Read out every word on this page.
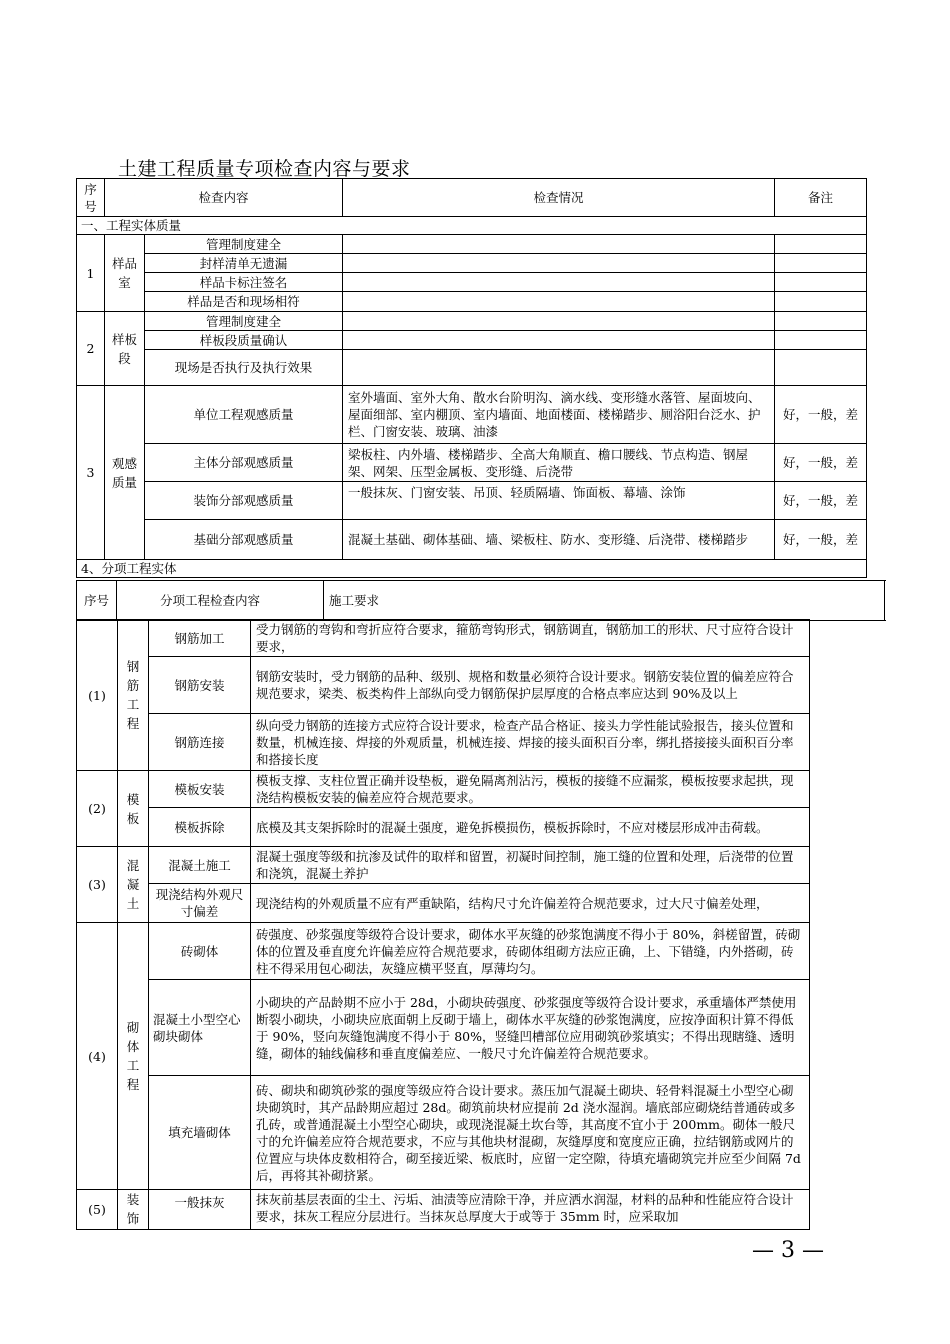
土建工程质量专项检查内容与要求
序号	检查内容		检查情况	备注
一、工程实体质量				
1	样品室	管理制度建全		
		封样清单无遗漏		
		样品卡标注签名		
		样品是否和现场相符		
2	样板段	管理制度建全		
		样板段质量确认		
		现场是否执行及执行效果		
3	观感质量	单位工程观感质量	室外墙面、室外大角、散水台阶明沟、滴水线、变形缝水落管、屋面坡向、屋面细部、室内棚顶、室内墙面、地面楼面、楼梯踏步、厕浴阳台泛水、护栏、门窗安装、玻璃、油漆	好，一般，差
		主体分部观感质量	梁板柱、内外墙、楼梯踏步、全高大角顺直、檐口腰线、节点构造、钢屋架、网架、压型金属板、变形缝、后浇带	好，一般，差
		装饰分部观感质量	一般抹灰、门窗安装、吊顶、轻质隔墙、饰面板、幕墙、涂饰	好，一般，差
		基础分部观感质量	混凝土基础、砌体基础、墙、梁板柱、防水、变形缝、后浇带、楼梯踏步	好，一般，差
4、分项工程实体				
序号	分项工程检查内容	施工要求
(1)	钢筋工程	钢筋加工	受力钢筋的弯钩和弯折应符合要求，箍筋弯钩形式，钢筋调直，钢筋加工的形状、尺寸应符合设计要求，
		钢筋安装	钢筋安装时，受力钢筋的品种、级别、规格和数量必须符合设计要求。钢筋安装位置的偏差应符合规范要求，梁类、板类构件上部纵向受力钢筋保护层厚度的合格点率应达到 90%及以上
		钢筋连接	纵向受力钢筋的连接方式应符合设计要求，检查产品合格证、接头力学性能试验报告，接头位置和数量，机械连接、焊接的外观质量，机械连接、焊接的接头面积百分率，绑扎搭接接头面积百分率和搭接长度
(2)	模板	模板安装	模板支撑、支柱位置正确并设垫板，避免隔离剂沾污，模板的接缝不应漏浆，模板按要求起拱，现浇结构模板安装的偏差应符合规范要求。
		模板拆除	底模及其支架拆除时的混凝土强度，避免拆模损伤，模板拆除时，不应对楼层形成冲击荷载。
(3)	混凝土	混凝土施工	混凝土强度等级和抗渗及试件的取样和留置，初凝时间控制，施工缝的位置和处理，后浇带的位置和浇筑，混凝土养护
		现浇结构外观尺寸偏差	现浇结构的外观质量不应有严重缺陷，结构尺寸允许偏差符合规范要求，过大尺寸偏差处理，
(4)	砌体工程	砖砌体	砖强度、砂浆强度等级符合设计要求，砌体水平灰缝的砂浆饱满度不得小于 80%，斜槎留置，砖砌体的位置及垂直度允许偏差应符合规范要求，砖砌体组砌方法应正确，上、下错缝，内外搭砌，砖柱不得采用包心砌法，灰缝应横平竖直，厚薄均匀。
		混凝土小型空心砌块砌体	小砌块的产品龄期不应小于 28d，小砌块砖强度、砂浆强度等级符合设计要求，承重墙体严禁使用断裂小砌块，小砌块应底面朝上反砌于墙上，砌体水平灰缝的砂浆饱满度，应按净面积计算不得低于 90%，竖向灰缝饱满度不得小于 80%，竖缝凹槽部位应用砌筑砂浆填实；不得出现瞎缝、透明缝，砌体的轴线偏移和垂直度偏差应、一般尺寸允许偏差符合规范要求。
		填充墙砌体	砖、砌块和砌筑砂浆的强度等级应符合设计要求。蒸压加气混凝土砌块、轻骨料混凝土小型空心砌块砌筑时，其产品龄期应超过 28d。砌筑前块材应提前 2d 浇水湿润。墙底部应砌烧结普通砖或多孔砖，或普通混凝土小型空心砌块，或现浇混凝土坎台等，其高度不宜小于 200mm。砌体一般尺寸的允许偏差应符合规范要求，不应与其他块材混砌，灰缝厚度和宽度应正确，拉结钢筋或网片的位置应与块体皮数相符合，砌至接近梁、板底时，应留一定空隙，待填充墙砌筑完并应至少间隔 7d 后，再将其补砌挤紧。
(5)	装饰	一般抹灰	抹灰前基层表面的尘土、污垢、油渍等应清除干净，并应洒水润湿，材料的品种和性能应符合设计要求，抹灰工程应分层进行。当抹灰总厚度大于或等于 35mm 时，应采取加
— 3 —
